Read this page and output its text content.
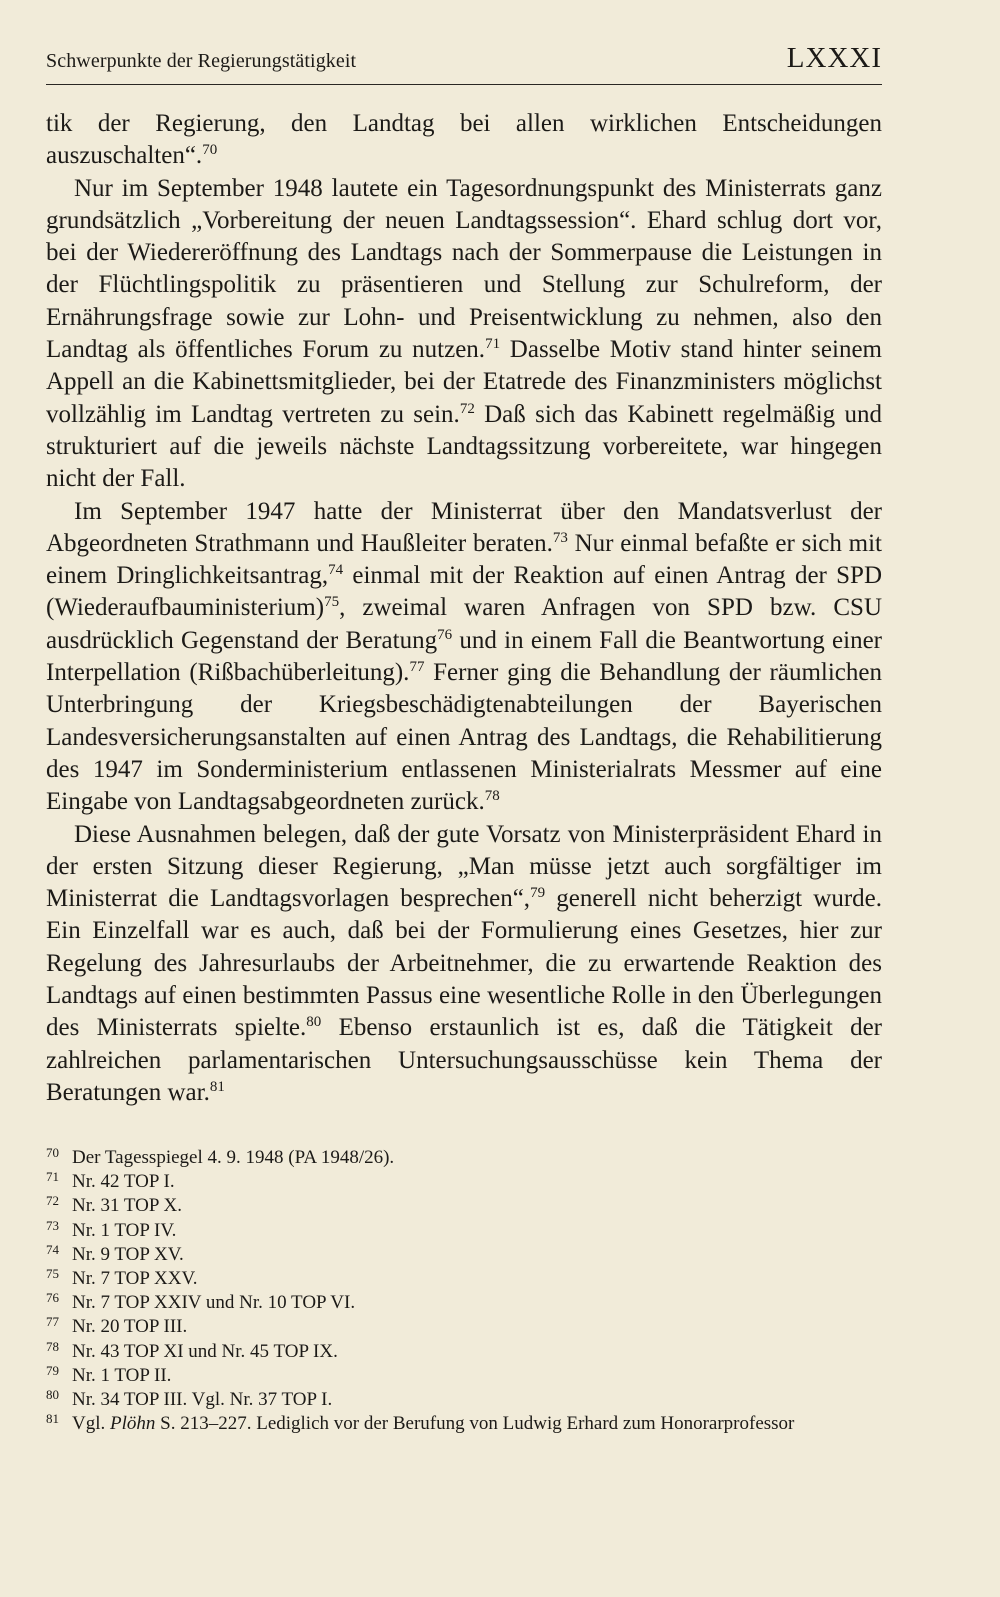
Schwerpunkte der Regierungstätigkeit	LXXXI

tik der Regierung, den Landtag bei allen wirklichen Entscheidungen auszuschalten“.$^{70}$

Nur im September 1948 lautete ein Tagesordnungspunkt des Ministerrats ganz grundsätzlich „Vorbereitung der neuen Landtagssession“. Ehard schlug dort vor, bei der Wiedereröffnung des Landtags nach der Sommerpause die Leistungen in der Flüchtlingspolitik zu präsentieren und Stellung zur Schulreform, der Ernährungsfrage sowie zur Lohn- und Preisentwicklung zu nehmen, also den Landtag als öffentliches Forum zu nutzen.$^{71}$ Dasselbe Motiv stand hinter seinem Appell an die Kabinettsmitglieder, bei der Etatrede des Finanzministers möglichst vollzählig im Landtag vertreten zu sein.$^{72}$ Daß sich das Kabinett regelmäßig und strukturiert auf die jeweils nächste Landtagssitzung vorbereitete, war hingegen nicht der Fall.

Im September 1947 hatte der Ministerrat über den Mandatsverlust der Abgeordneten Strathmann und Haußleiter beraten.$^{73}$ Nur einmal befaßte er sich mit einem Dringlichkeitsantrag,$^{74}$ einmal mit der Reaktion auf einen Antrag der SPD (Wiederaufbauministerium)$^{75}$, zweimal waren Anfragen von SPD bzw. CSU ausdrücklich Gegenstand der Beratung$^{76}$ und in einem Fall die Beantwortung einer Interpellation (Rißbachüberleitung).$^{77}$ Ferner ging die Behandlung der räumlichen Unterbringung der Kriegsbeschädigtenabteilungen der Bayerischen Landesversicherungsanstalten auf einen Antrag des Landtags, die Rehabilitierung des 1947 im Sonderministerium entlassenen Ministerialrats Messmer auf eine Eingabe von Landtagsabgeordneten zurück.$^{78}$

Diese Ausnahmen belegen, daß der gute Vorsatz von Ministerpräsident Ehard in der ersten Sitzung dieser Regierung, „Man müsse jetzt auch sorgfältiger im Ministerrat die Landtagsvorlagen besprechen“,$^{79}$ generell nicht beherzigt wurde. Ein Einzelfall war es auch, daß bei der Formulierung eines Gesetzes, hier zur Regelung des Jahresurlaubs der Arbeitnehmer, die zu erwartende Reaktion des Landtags auf einen bestimmten Passus eine wesentliche Rolle in den Überlegungen des Ministerrats spielte.$^{80}$ Ebenso erstaunlich ist es, daß die Tätigkeit der zahlreichen parlamentarischen Untersuchungsausschüsse kein Thema der Beratungen war.$^{81}$

70 Der Tagesspiegel 4. 9. 1948 (PA 1948/26).
71 Nr. 42 TOP I.
72 Nr. 31 TOP X.
73 Nr. 1 TOP IV.
74 Nr. 9 TOP XV.
75 Nr. 7 TOP XXV.
76 Nr. 7 TOP XXIV und Nr. 10 TOP VI.
77 Nr. 20 TOP III.
78 Nr. 43 TOP XI und Nr. 45 TOP IX.
79 Nr. 1 TOP II.
80 Nr. 34 TOP III. Vgl. Nr. 37 TOP I.
81 Vgl. Plöhn S. 213–227. Lediglich vor der Berufung von Ludwig Erhard zum Honorarprofessor
